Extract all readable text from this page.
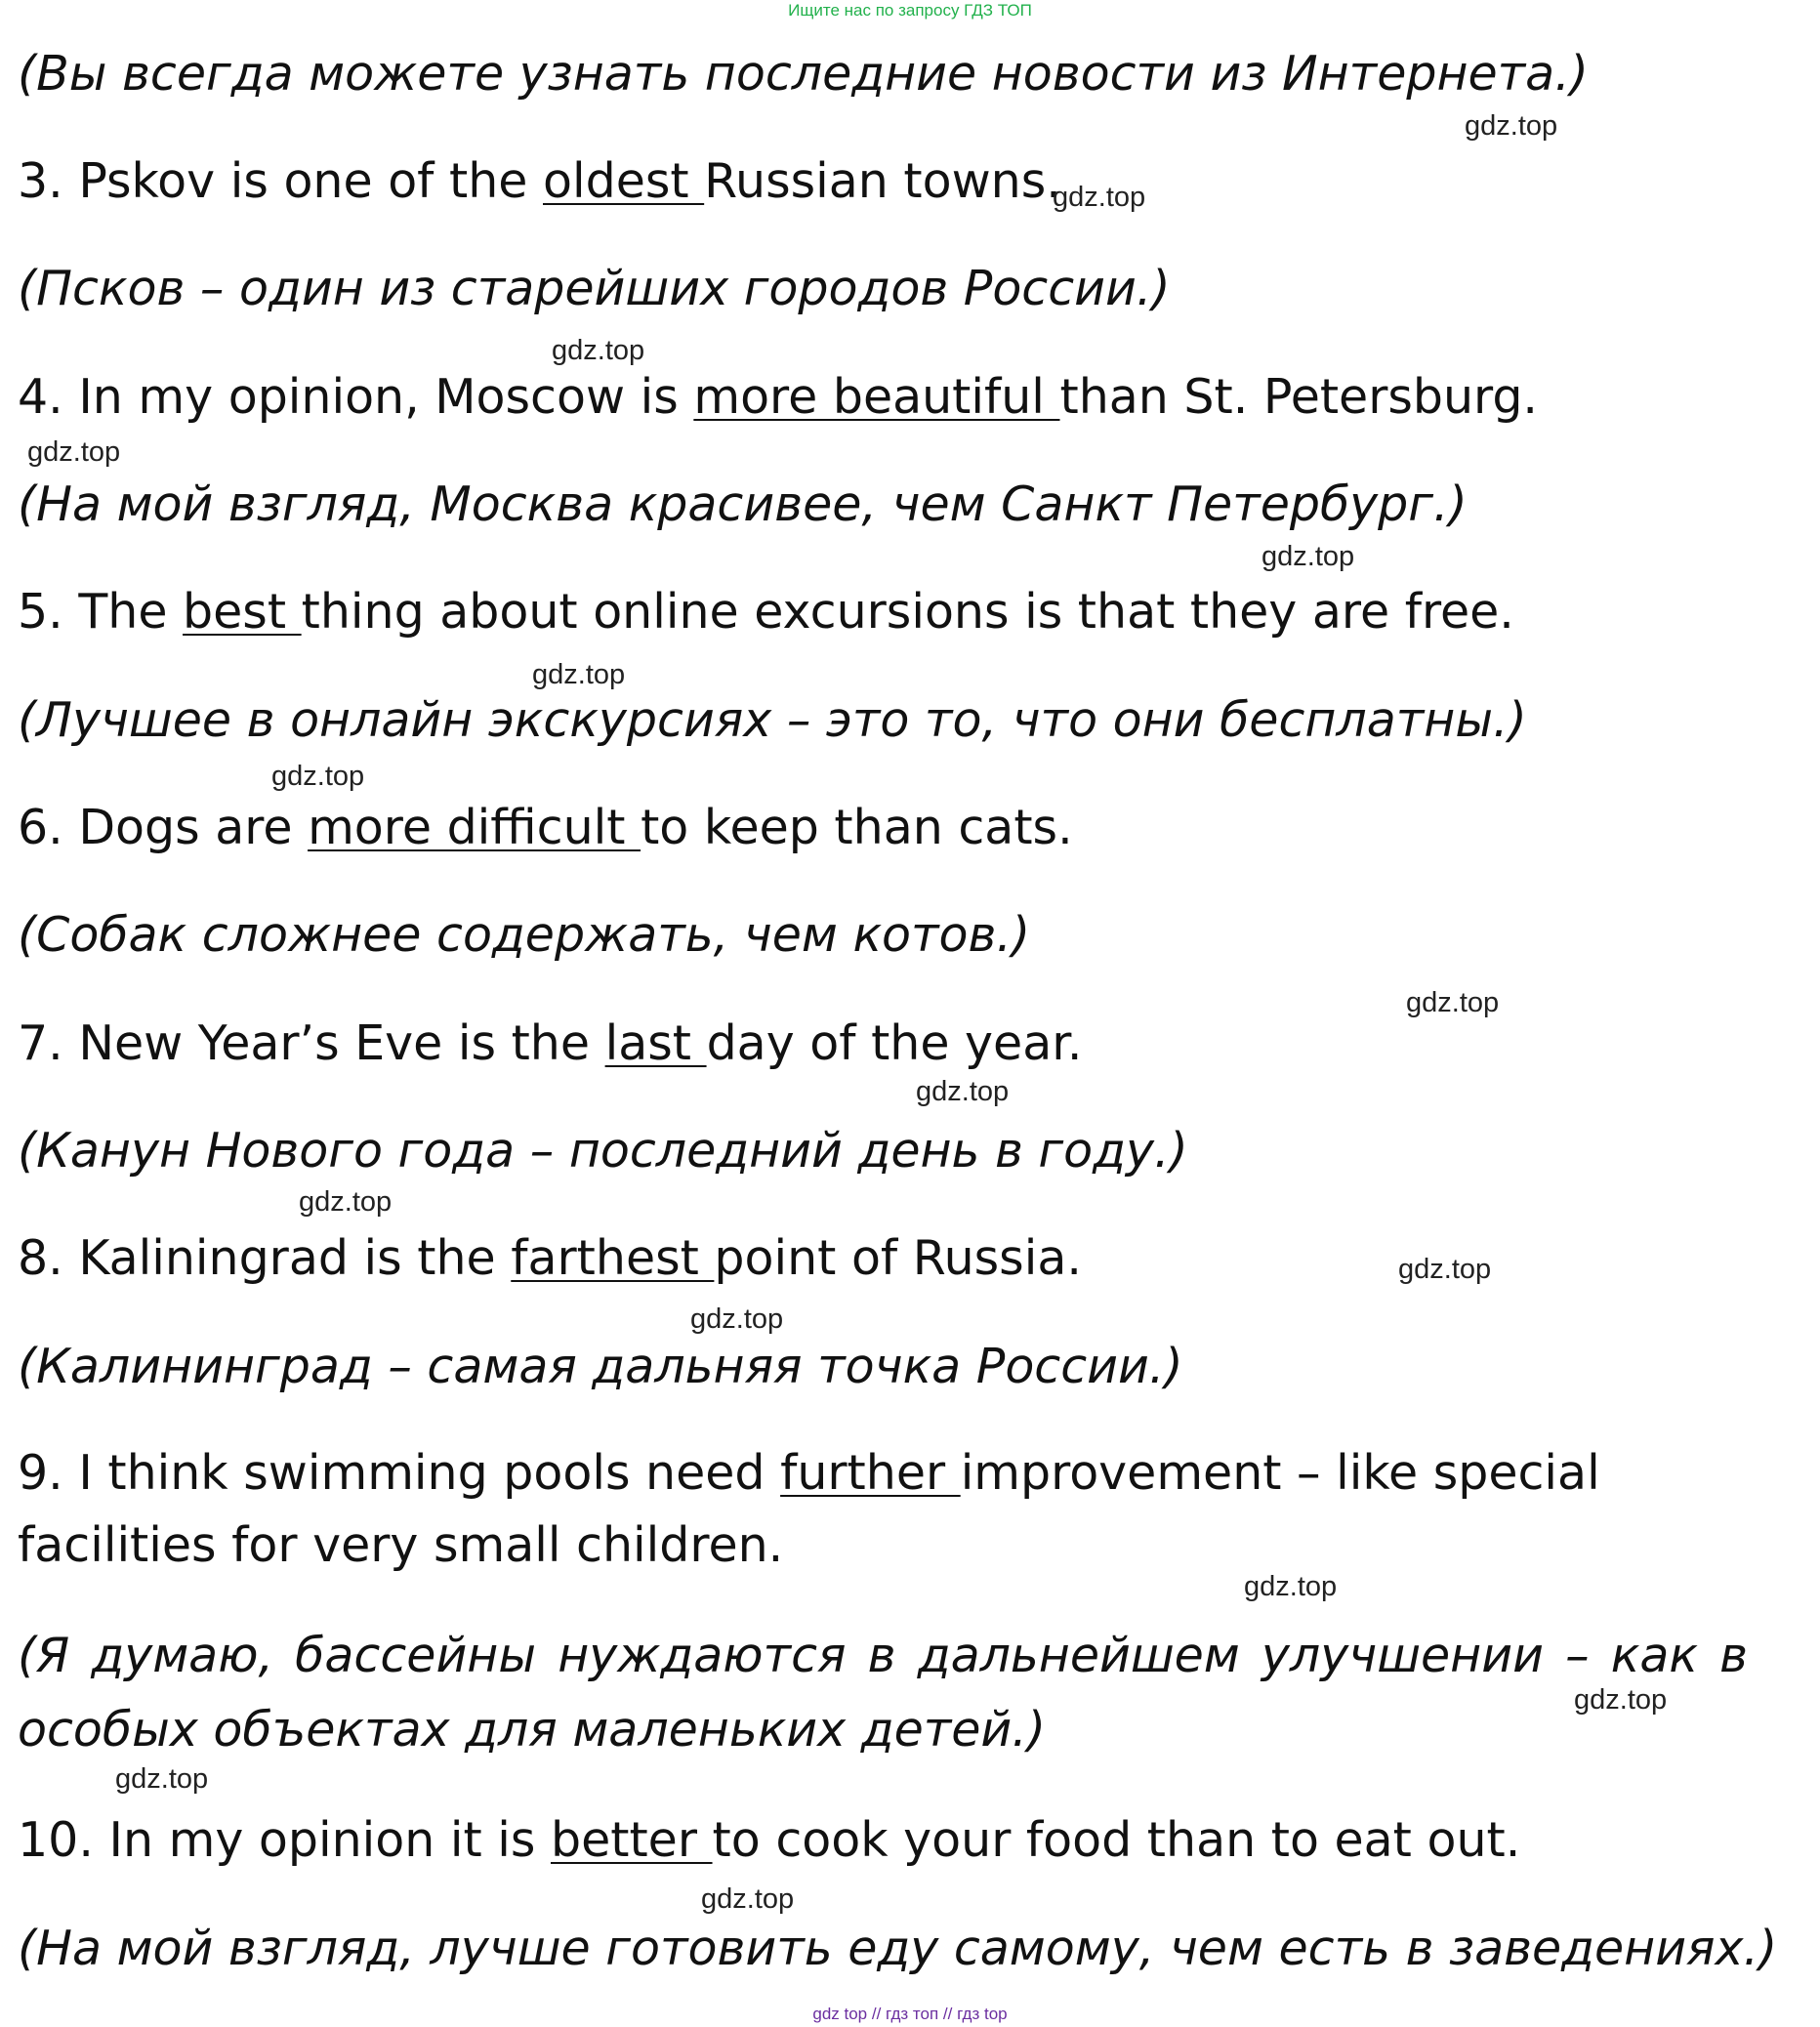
Ищите нас по запросу ГДЗ ТОП
(Вы всегда можете узнать последние новости из Интернета.)
3. Pskov is one of the oldest Russian towns.
(Псков – один из старейших городов России.)
4. In my opinion, Moscow is more beautiful than St. Petersburg.
(На мой взгляд, Москва красивее, чем Санкт Петербург.)
5. The best thing about online excursions is that they are free.
(Лучшее в онлайн экскурсиях – это то, что они бесплатны.)
6. Dogs are more difficult to keep than cats.
(Собак сложнее содержать, чем котов.)
7. New Year’s Eve is the last day of the year.
(Канун Нового года – последний день в году.)
8. Kaliningrad is the farthest point of Russia.
(Калининград – самая дальняя точка России.)
9. I think swimming pools need further improvement – like special facilities for very small children.
(Я думаю, бассейны нуждаются в дальнейшем улучшении – как в особых объектах для маленьких детей.)
10. In my opinion it is better to cook your food than to eat out.
(На мой взгляд, лучше готовить еду самому, чем есть в заведениях.)
gdz.top
gdz.top
gdz.top
gdz.top
gdz.top
gdz.top
gdz.top
gdz.top
gdz.top
gdz.top
gdz.top
gdz.top
gdz.top
gdz.top
gdz.top
gdz.top
gdz top // гдз топ // гдз top
